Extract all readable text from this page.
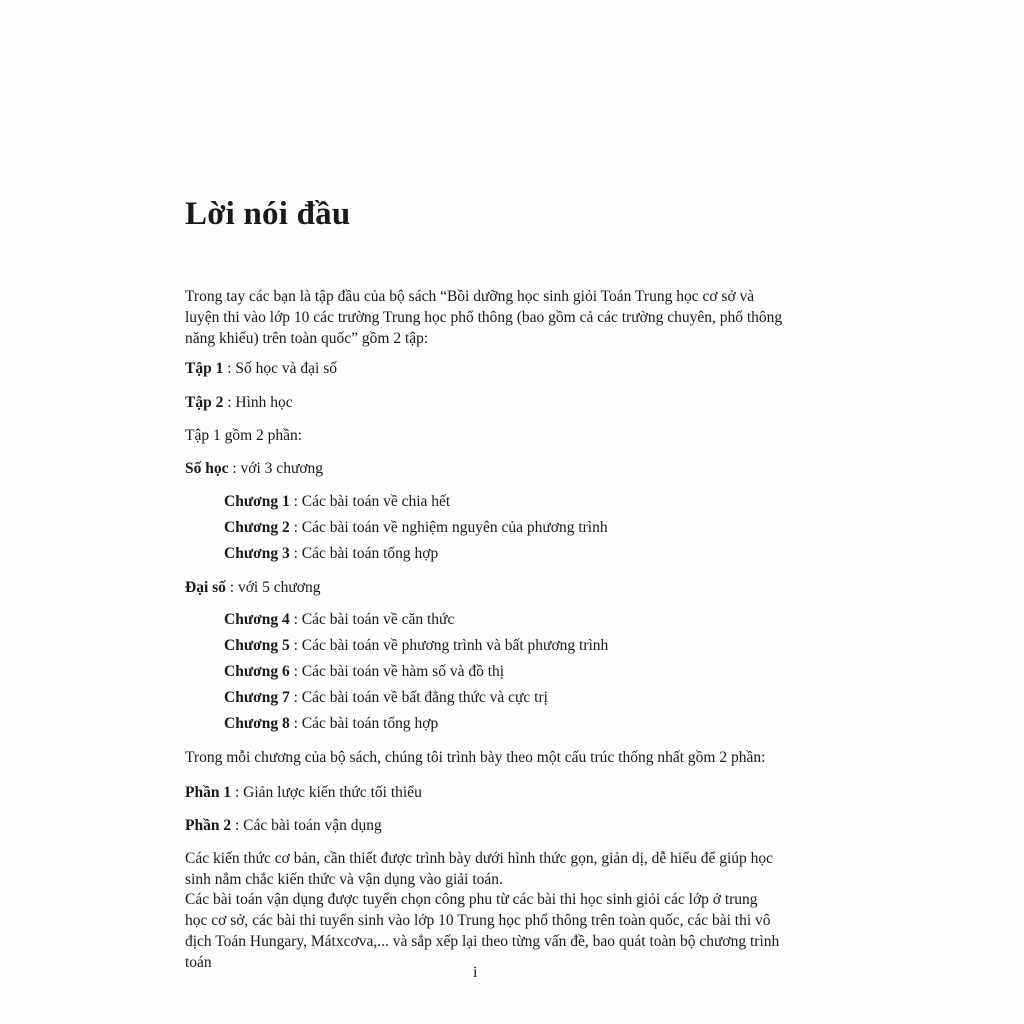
Lời nói đầu
Trong tay các bạn là tập đầu của bộ sách “Bồi dưỡng học sinh giỏi Toán Trung học cơ sở và luyện thi vào lớp 10 các trường Trung học phổ thông (bao gồm cả các trường chuyên, phổ thông năng khiếu) trên toàn quốc” gồm 2 tập:
Tập 1 : Số học và đại số
Tập 2 : Hình học
Tập 1 gồm 2 phần:
Số học : với 3 chương
Chương 1 : Các bài toán về chia hết
Chương 2 : Các bài toán về nghiệm nguyên của phương trình
Chương 3 : Các bài toán tổng hợp
Đại số : với 5 chương
Chương 4 : Các bài toán về căn thức
Chương 5 : Các bài toán về phương trình và bất phương trình
Chương 6 : Các bài toán về hàm số và đồ thị
Chương 7 : Các bài toán về bất đẳng thức và cực trị
Chương 8 : Các bài toán tổng hợp
Trong mỗi chương của bộ sách, chúng tôi trình bày theo một cấu trúc thống nhất gồm 2 phần:
Phần 1 : Giản lược kiến thức tối thiểu
Phần 2 : Các bài toán vận dụng
Các kiến thức cơ bản, cần thiết được trình bày dưới hình thức gọn, giản dị, dễ hiểu để giúp học sinh nắm chắc kiến thức và vận dụng vào giải toán.
Các bài toán vận dụng được tuyển chọn công phu từ các bài thi học sinh giỏi các lớp ở trung học cơ sở, các bài thi tuyển sinh vào lớp 10 Trung học phổ thông trên toàn quốc, các bài thi vô địch Toán Hungary, Mátxcơva,... và sắp xếp lại theo từng vấn đề, bao quát toàn bộ chương trình toán
i
